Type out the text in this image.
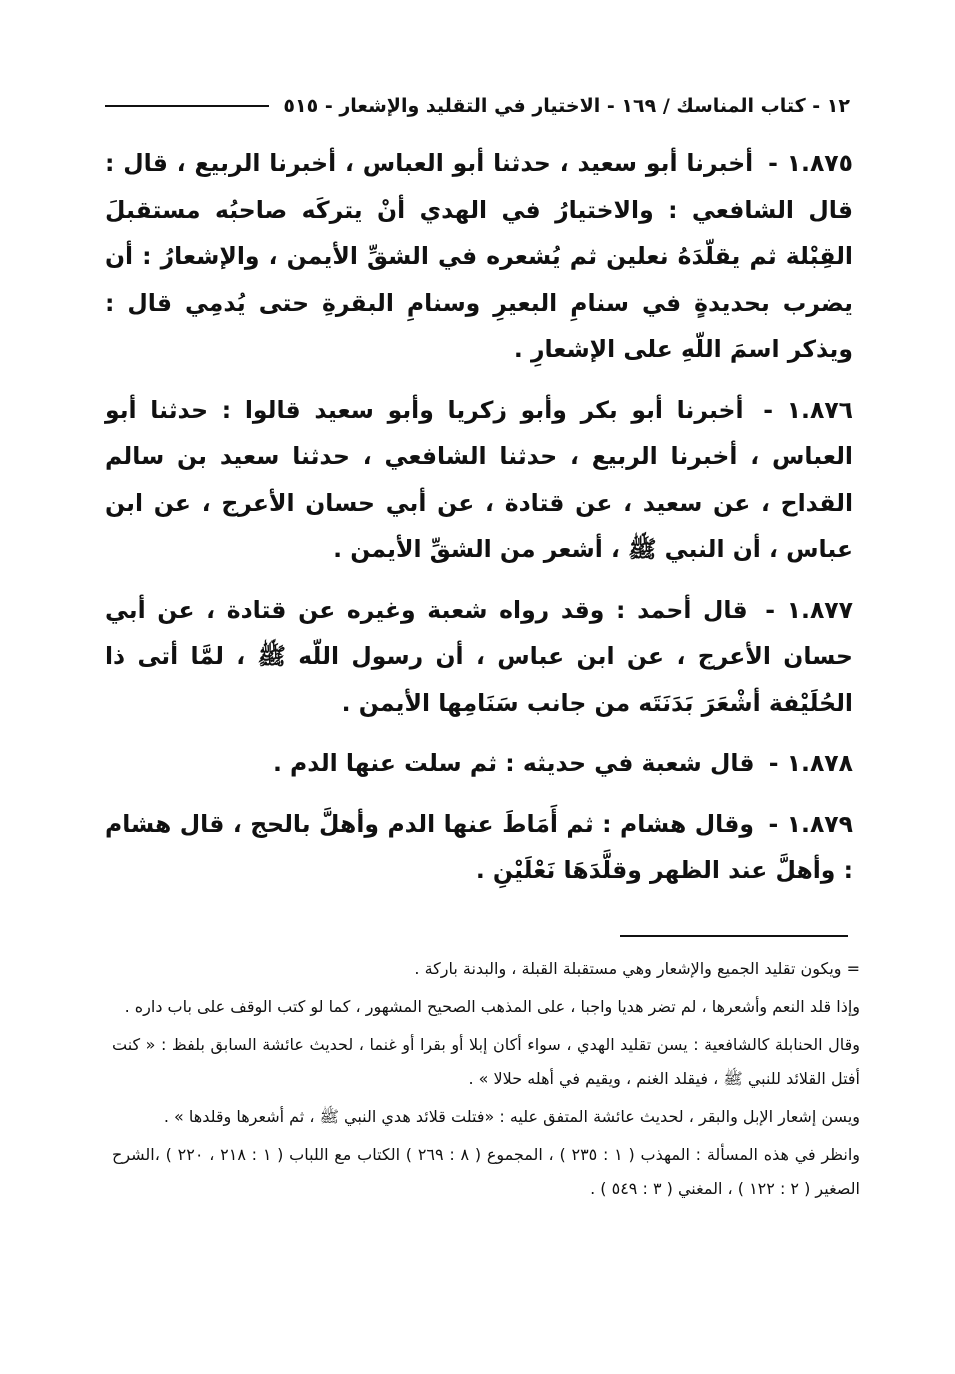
١٢ - كتاب المناسك / ١٦٩ - الاختيار في التقليد والإشعار - ٥١٥

١.٨٧٥ - أخبرنا أبو سعيد ، حدثنا أبو العباس ، أخبرنا الربيع ، قال : قال الشافعي : والاختيارُ في الهدي أنْ يتركَه صاحبُه مستقبلَ القِبْلة ثم يقلّدَهُ نعلين ثم يُشعره في الشقِّ الأيمن ، والإشعارُ : أن يضرب بحديدةٍ في سنامِ البعيرِ وسنامِ البقرةِ حتى يُدمِي قال : ويذكر اسمَ اللّهِ على الإشعارِ .

١.٨٧٦ - أخبرنا أبو بكر وأبو زكريا وأبو سعيد قالوا : حدثنا أبو العباس ، أخبرنا الربيع ، حدثنا الشافعي ، حدثنا سعيد بن سالم القداح ، عن سعيد ، عن قتادة ، عن أبي حسان الأعرج ، عن ابن عباس ، أن النبي ﷺ ، أشعر من الشقِّ الأيمن .

١.٨٧٧ - قال أحمد : وقد رواه شعبة وغيره عن قتادة ، عن أبي حسان الأعرج ، عن ابن عباس ، أن رسول اللّه ﷺ ، لمَّا أتى ذا الحُلَيْفة أشْعَرَ بَدَنَتَه من جانب سَنَامِها الأيمن .

١.٨٧٨ - قال شعبة في حديثه : ثم سلت عنها الدم .

١.٨٧٩ - وقال هشام : ثم أَمَاطَ عنها الدم وأهلَّ بالحج ، قال هشام : وأهلَّ عند الظهر وقلَّدَهَا نَعْلَيْنِ .

= ويكون تقليد الجميع والإشعار وهي مستقبلة القبلة ، والبدنة باركة .

وإذا قلد النعم وأشعرها ، لم تضر هديا واجبا ، على المذهب الصحيح المشهور ، كما لو كتب الوقف على باب داره .

وقال الحنابلة كالشافعية : يسن تقليد الهدي ، سواء أكان إبلا أو بقرا أو غنما ، لحديث عائشة السابق بلفظ : « كنت أفتل القلائد للنبي ﷺ ، فيقلد الغنم ، ويقيم في أهله حلالا » .

ويسن إشعار الإبل والبقر ، لحديث عائشة المتفق عليه : «فتلت قلائد هدي النبي ﷺ ، ثم أشعرها وقلدها » .

وانظر في هذه المسألة : المهذب ( ١ : ٢٣٥ ) ، المجموع ( ٨ : ٢٦٩ ) الكتاب مع اللباب ( ١ : ٢١٨ ، ٢٢٠ ) ،الشرح الصغير ( ٢ : ١٢٢ ) ، المغني ( ٣ : ٥٤٩ ) .
